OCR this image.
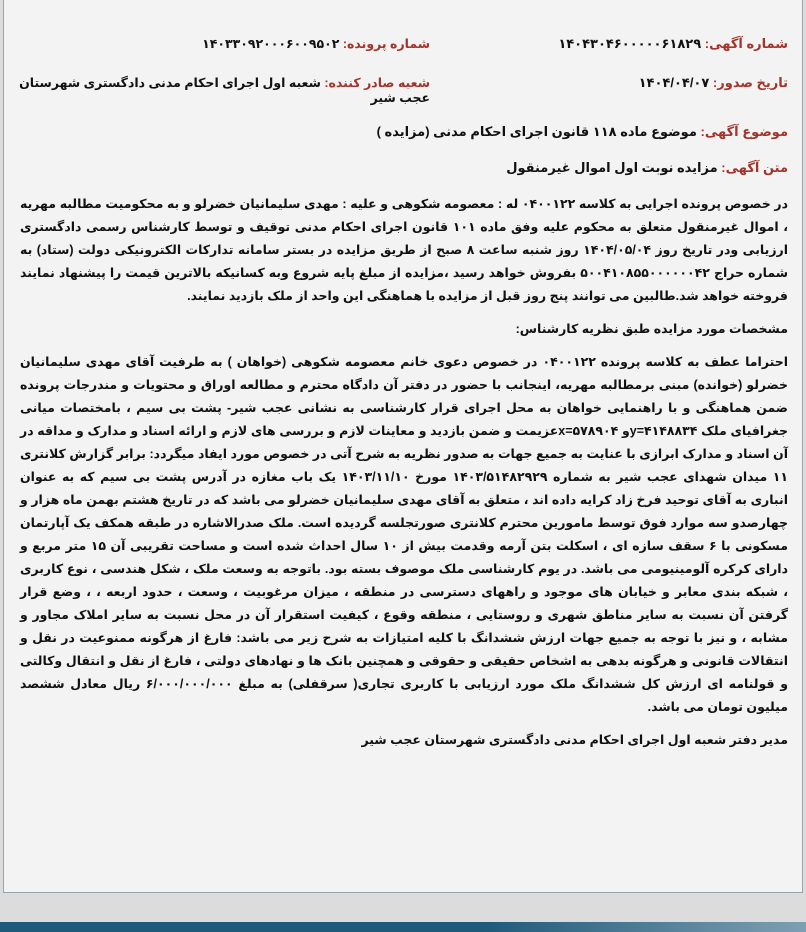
شماره آگهی: ۱۴۰۴۳۰۴۶۰۰۰۰۰۶۱۸۲۹
شماره پرونده: ۱۴۰۳۳۰۹۲۰۰۰۶۰۰۹۵۰۲
تاریخ صدور: ۱۴۰۴/۰۴/۰۷
شعبه صادر کننده: شعبه اول اجرای احکام مدنی دادگستری شهرستان عجب شیر
موضوع آگهی: موضوع ماده ۱۱۸ قانون اجرای احکام مدنی (مزایده )
متن آگهی: مزایده نوبت اول اموال غیرمنقول

در خصوص پرونده اجرایی به کلاسه ۰۴۰۰۱۲۲ له : معصومه شکوهی و علیه : مهدی سلیمانیان خضرلو و به محکومیت مطالبه مهریه ، اموال غیرمنقول متعلق به محکوم علیه وفق ماده ۱۰۱ قانون اجرای احکام مدنی توقیف و توسط کارشناس رسمی دادگستری ارزیابی ودر تاریخ روز ۱۴۰۴/۰۵/۰۴ روز شنبه ساعت ۸ صبح از طریق مزایده در بستر سامانه تدارکات الکترونیکی دولت (ستاد) به شماره حراج ۵۰۰۴۱۰۸۵۵۰۰۰۰۰۰۴۲ بفروش خواهد رسید ،مزایده از مبلغ پایه شروع وبه کسانیکه بالاترین قیمت را پیشنهاد نمایند فروخته خواهد شد.طالبین می توانند پنج روز قبل از مزایده با هماهنگی این واحد از ملک بازدید نمایند.

مشخصات مورد مزایده طبق نظریه کارشناس:

احتراما عطف به کلاسه پرونده ۰۴۰۰۱۲۲ در خصوص دعوی خانم معصومه شکوهی (خواهان ) به طرفیت آقای مهدی سلیمانیان خضرلو (خوانده) مبنی برمطالبه مهریه، اینجانب با حضور در دفتر آن دادگاه محترم و مطالعه اوراق و محتویات و مندرجات پرونده ضمن هماهنگی و با راهنمایی خواهان به محل اجرای قرار کارشناسی به نشانی عجب شیر- پشت بی سیم ، بامختصات میانی جغرافیای ملک y=۴۱۴۸۸۳۴و x=۵۷۸۹۰۴عزیمت و ضمن بازدید و معاینات لازم و بررسی های لازم و ارائه اسناد و مدارک و مداقه در آن اسناد و مدارک ابرازی با عنایت به جمیع جهات به صدور نظریه به شرح آتی در خصوص مورد ایفاد میگردد: برابر گزارش کلانتری ۱۱ میدان شهدای عجب شیر به شماره ۱۴۰۳/۵۱۴۸۲۹۲۹ مورخ ۱۴۰۳/۱۱/۱۰ یک باب مغازه در آدرس پشت بی سیم که به عنوان انباری به آقای توحید فرخ زاد کرایه داده اند ، متعلق به آقای مهدی سلیمانیان خضرلو می باشد که در تاریخ هشتم بهمن ماه هزار و چهارصدو سه موارد فوق توسط مامورین محترم کلانتری صورتجلسه گردیده است. ملک صدرالاشاره در طبقه همکف یک آپارتمان مسکونی با ۶ سقف سازه ای ، اسکلت بتن آرمه وقدمت بیش از ۱۰ سال احداث شده است و مساحت تقریبی آن ۱۵ متر مربع و دارای کرکره آلومینیومی می باشد. در یوم کارشناسی ملک موصوف بسته بود. باتوجه به وسعت ملک ، شکل هندسی ، نوع کاربری ، شبکه بندی معابر و خیابان های موجود و راههای دسترسی در منطقه ، میزان مرغوبیت ، وسعت ، حدود اربعه ، ، وضع قرار گرفتن آن نسبت به سایر مناطق شهری و روستایی ، منطقه وقوع ، کیفیت استقرار آن در محل نسبت به سایر املاک مجاور و مشابه ، و نیز با توجه به جمیع جهات ارزش ششدانگ با کلیه امتیازات به شرح زیر می باشد: فارغ از هرگونه ممنوعیت در نقل و انتقالات قانونی و هرگونه بدهی به اشخاص حقیقی و حقوقی و همچنین بانک ها و نهادهای دولتی ، فارغ از نقل و انتقال وکالتی و قولنامه ای ارزش کل ششدانگ ملک مورد ارزیابی با کاربری تجاری( سرقفلی) به مبلغ ۶/۰۰۰/۰۰۰/۰۰۰ ریال معادل ششصد میلیون تومان می باشد.

مدیر دفتر شعبه اول اجرای احکام مدنی دادگستری شهرستان عجب شیر
